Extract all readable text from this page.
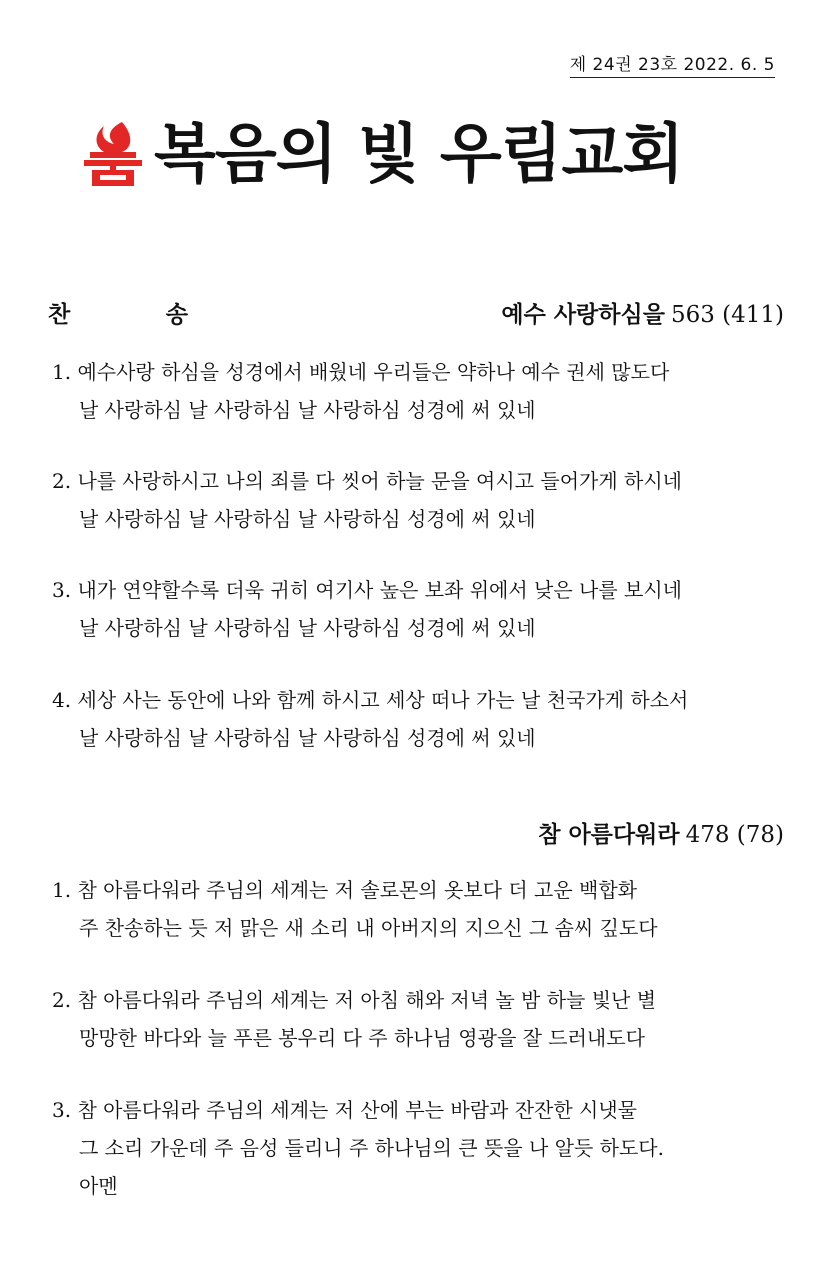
제 24권 23호 2022. 6. 5
복음의 빛 우림교회
찬	송	예수 사랑하심을 563 (411)
1. 예수사랑 하심을 성경에서 배웠네 우리들은 약하나 예수 권세 많도다
날 사랑하심 날 사랑하심 날 사랑하심 성경에 써 있네
2. 나를 사랑하시고 나의 죄를 다 씻어 하늘 문을 여시고 들어가게 하시네
날 사랑하심 날 사랑하심 날 사랑하심 성경에 써 있네
3. 내가 연약할수록 더욱 귀히 여기사 높은 보좌 위에서 낮은 나를 보시네
날 사랑하심 날 사랑하심 날 사랑하심 성경에 써 있네
4. 세상 사는 동안에 나와 함께 하시고 세상 떠나 가는 날 천국가게 하소서
날 사랑하심 날 사랑하심 날 사랑하심 성경에 써 있네
참 아름다워라 478 (78)
1. 참 아름다워라 주님의 세계는 저 솔로몬의 옷보다 더 고운 백합화
주 찬송하는 듯 저 맑은 새 소리 내 아버지의 지으신 그 솜씨 깊도다
2. 참 아름다워라 주님의 세계는 저 아침 해와 저녁 놀 밤 하늘 빛난 별
망망한 바다와 늘 푸른 봉우리 다 주 하나님 영광을 잘 드러내도다
3. 참 아름다워라 주님의 세계는 저 산에 부는 바람과 잔잔한 시냇물
그 소리 가운데 주 음성 들리니 주 하나님의 큰 뜻을 나 알듯 하도다.
아멘
